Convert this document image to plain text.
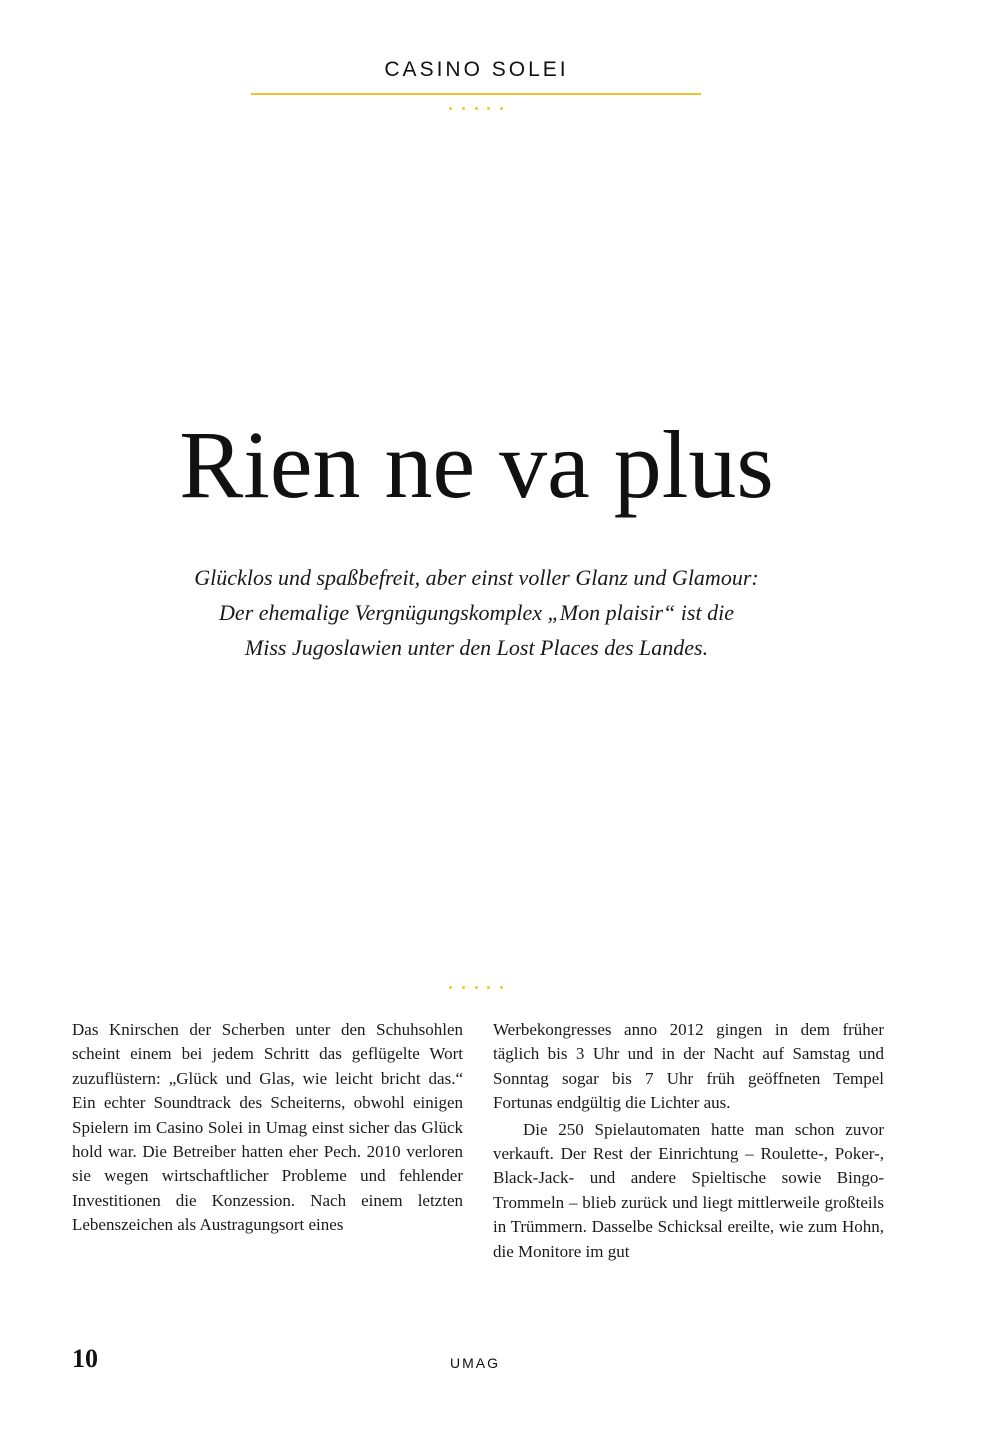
CASINO SOLEI
Rien ne va plus
Glücklos und spaßbefreit, aber einst voller Glanz und Glamour:
Der ehemalige Vergnügungskomplex „Mon plaisir“ ist die
Miss Jugoslawien unter den Lost Places des Landes.

Das Knirschen der Scherben unter den Schuhsohlen scheint einem bei jedem Schritt das geflügelte Wort zuzuflüstern: „Glück und Glas, wie leicht bricht das.“ Ein echter Soundtrack des Scheiterns, obwohl einigen Spielern im Casino Solei in Umag einst sicher das Glück hold war. Die Betreiber hatten eher Pech. 2010 verloren sie wegen wirtschaftlicher Probleme und fehlender Investitionen die Konzession. Nach einem letzten Lebenszeichen als Austragungsort eines

Werbekongresses anno 2012 gingen in dem früher täglich bis 3 Uhr und in der Nacht auf Samstag und Sonntag sogar bis 7 Uhr früh geöffneten Tempel Fortunas endgültig die Lichter aus.

Die 250 Spielautomaten hatte man schon zuvor verkauft. Der Rest der Einrichtung – Roulette-, Poker-, Black-Jack- und andere Spieltische sowie Bingo-Trommeln – blieb zurück und liegt mittlerweile großteils in Trümmern. Dasselbe Schicksal ereilte, wie zum Hohn, die Monitore im gut

10	UMAG
